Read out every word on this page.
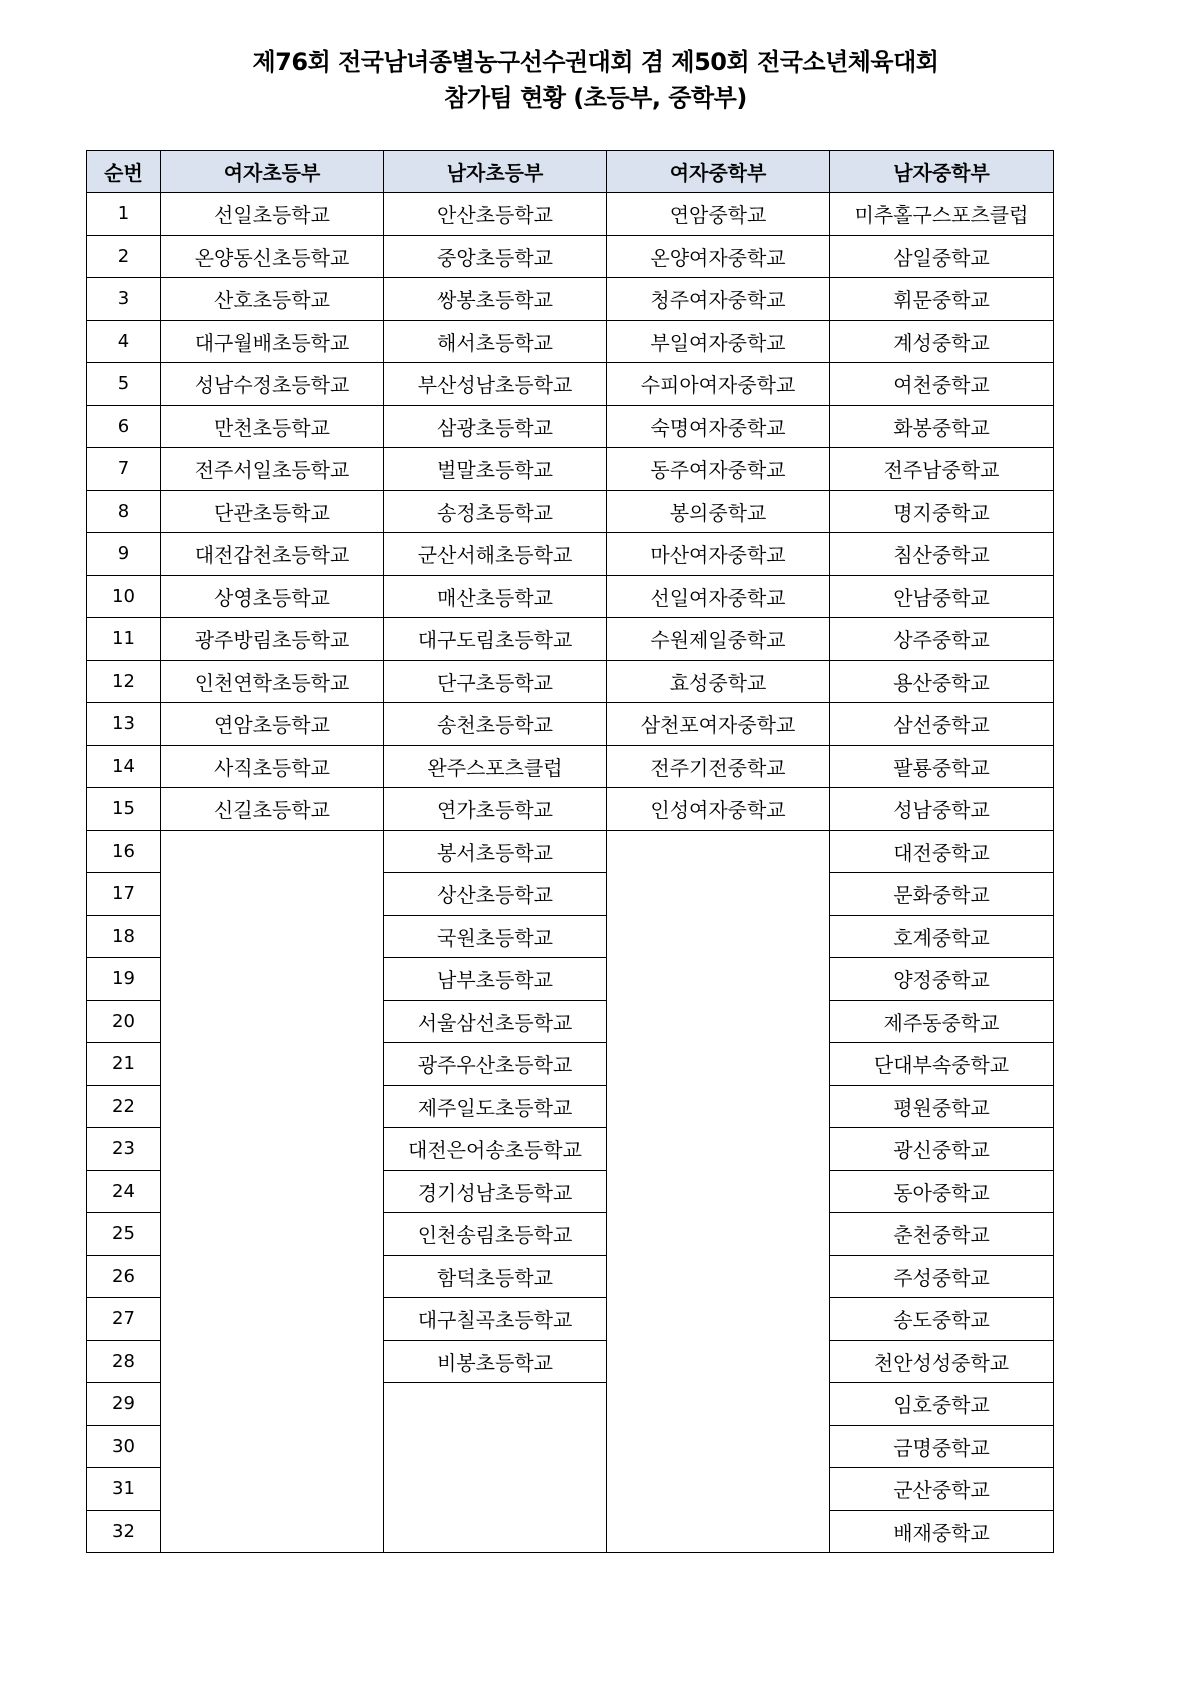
제76회 전국남녀종별농구선수권대회 겸 제50회 전국소년체육대회
참가팀 현황 (초등부, 중학부)
순번	여자초등부	남자초등부	여자중학부	남자중학부
1	선일초등학교	안산초등학교	연암중학교	미추홀구스포츠클럽
2	온양동신초등학교	중앙초등학교	온양여자중학교	삼일중학교
3	산호초등학교	쌍봉초등학교	청주여자중학교	휘문중학교
4	대구월배초등학교	해서초등학교	부일여자중학교	계성중학교
5	성남수정초등학교	부산성남초등학교	수피아여자중학교	여천중학교
6	만천초등학교	삼광초등학교	숙명여자중학교	화봉중학교
7	전주서일초등학교	벌말초등학교	동주여자중학교	전주남중학교
8	단관초등학교	송정초등학교	봉의중학교	명지중학교
9	대전갑천초등학교	군산서해초등학교	마산여자중학교	침산중학교
10	상영초등학교	매산초등학교	선일여자중학교	안남중학교
11	광주방림초등학교	대구도림초등학교	수원제일중학교	상주중학교
12	인천연학초등학교	단구초등학교	효성중학교	용산중학교
13	연암초등학교	송천초등학교	삼천포여자중학교	삼선중학교
14	사직초등학교	완주스포츠클럽	전주기전중학교	팔룡중학교
15	신길초등학교	연가초등학교	인성여자중학교	성남중학교
16		봉서초등학교		대전중학교
17		상산초등학교		문화중학교
18		국원초등학교		호계중학교
19		남부초등학교		양정중학교
20		서울삼선초등학교		제주동중학교
21		광주우산초등학교		단대부속중학교
22		제주일도초등학교		평원중학교
23		대전은어송초등학교		광신중학교
24		경기성남초등학교		동아중학교
25		인천송림초등학교		춘천중학교
26		함덕초등학교		주성중학교
27		대구칠곡초등학교		송도중학교
28		비봉초등학교		천안성성중학교
29				임호중학교
30				금명중학교
31				군산중학교
32				배재중학교
